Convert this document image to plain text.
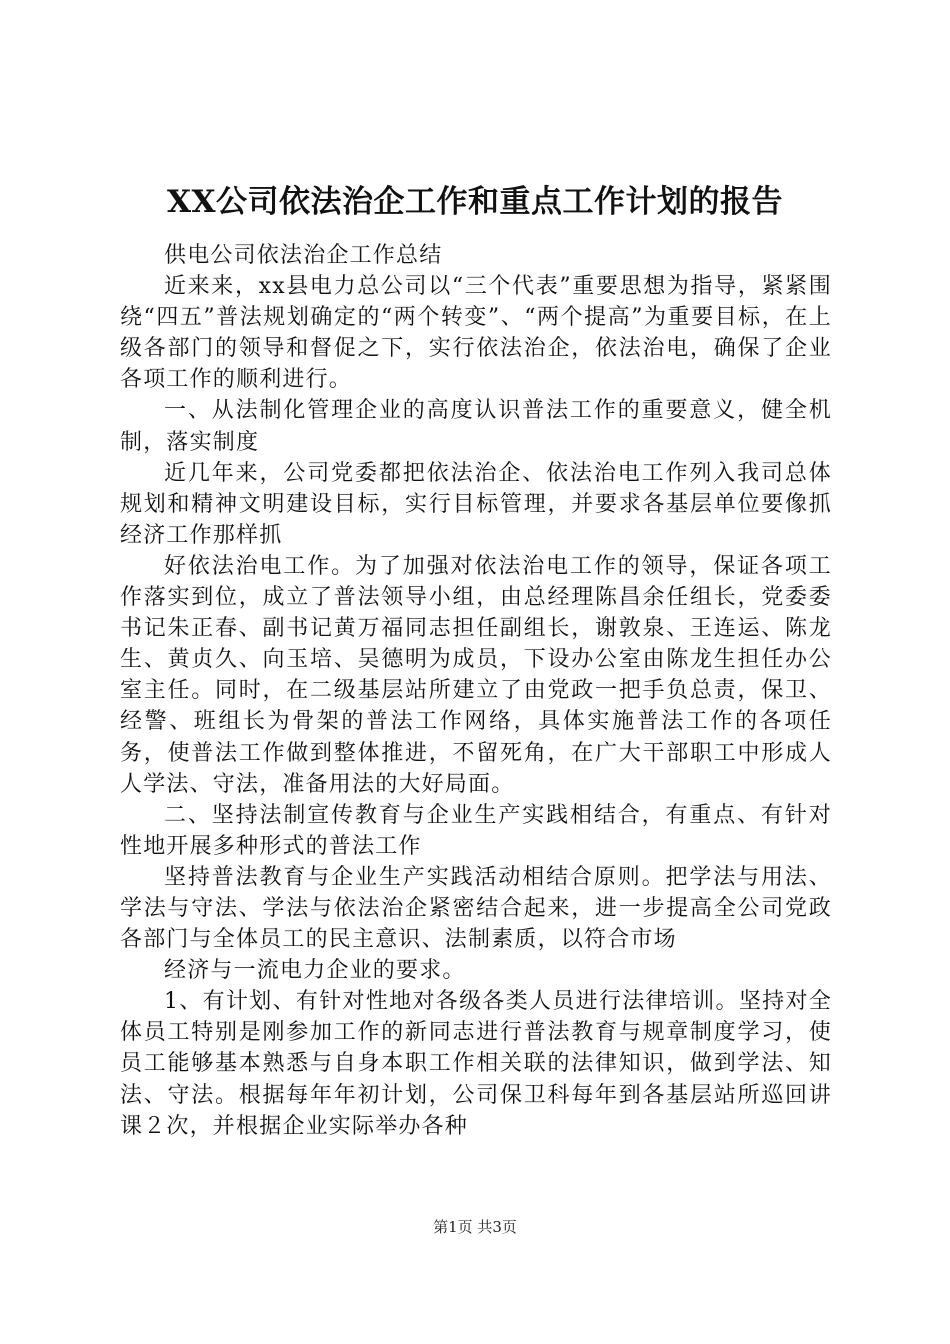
XX公司依法治企工作和重点工作计划的报告

供电公司依法治企工作总结

近来来，xx县电力总公司以“三个代表”重要思想为指导，紧紧围绕“四五”普法规划确定的“两个转变”、“两个提高”为重要目标，在上级各部门的领导和督促之下，实行依法治企，依法治电，确保了企业各项工作的顺利进行。

一、从法制化管理企业的高度认识普法工作的重要意义，健全机制，落实制度

近几年来，公司党委都把依法治企、依法治电工作列入我司总体规划和精神文明建设目标，实行目标管理，并要求各基层单位要像抓经济工作那样抓

好依法治电工作。为了加强对依法治电工作的领导，保证各项工作落实到位，成立了普法领导小组，由总经理陈昌余任组长，党委委书记朱正春、副书记黄万福同志担任副组长，谢敦泉、王连运、陈龙生、黄贞久、向玉培、吴德明为成员，下设办公室由陈龙生担任办公室主任。同时，在二级基层站所建立了由党政一把手负总责，保卫、经警、班组长为骨架的普法工作网络，具体实施普法工作的各项任务，使普法工作做到整体推进，不留死角，在广大干部职工中形成人人学法、守法，准备用法的大好局面。

二、坚持法制宣传教育与企业生产实践相结合，有重点、有针对性地开展多种形式的普法工作

坚持普法教育与企业生产实践活动相结合原则。把学法与用法、学法与守法、学法与依法治企紧密结合起来，进一步提高全公司党政各部门与全体员工的民主意识、法制素质，以符合市场

经济与一流电力企业的要求。

1、有计划、有针对性地对各级各类人员进行法律培训。坚持对全体员工特别是刚参加工作的新同志进行普法教育与规章制度学习，使员工能够基本熟悉与自身本职工作相关联的法律知识，做到学法、知法、守法。根据每年年初计划，公司保卫科每年到各基层站所巡回讲课２次，并根据企业实际举办各种

第1页 共3页
